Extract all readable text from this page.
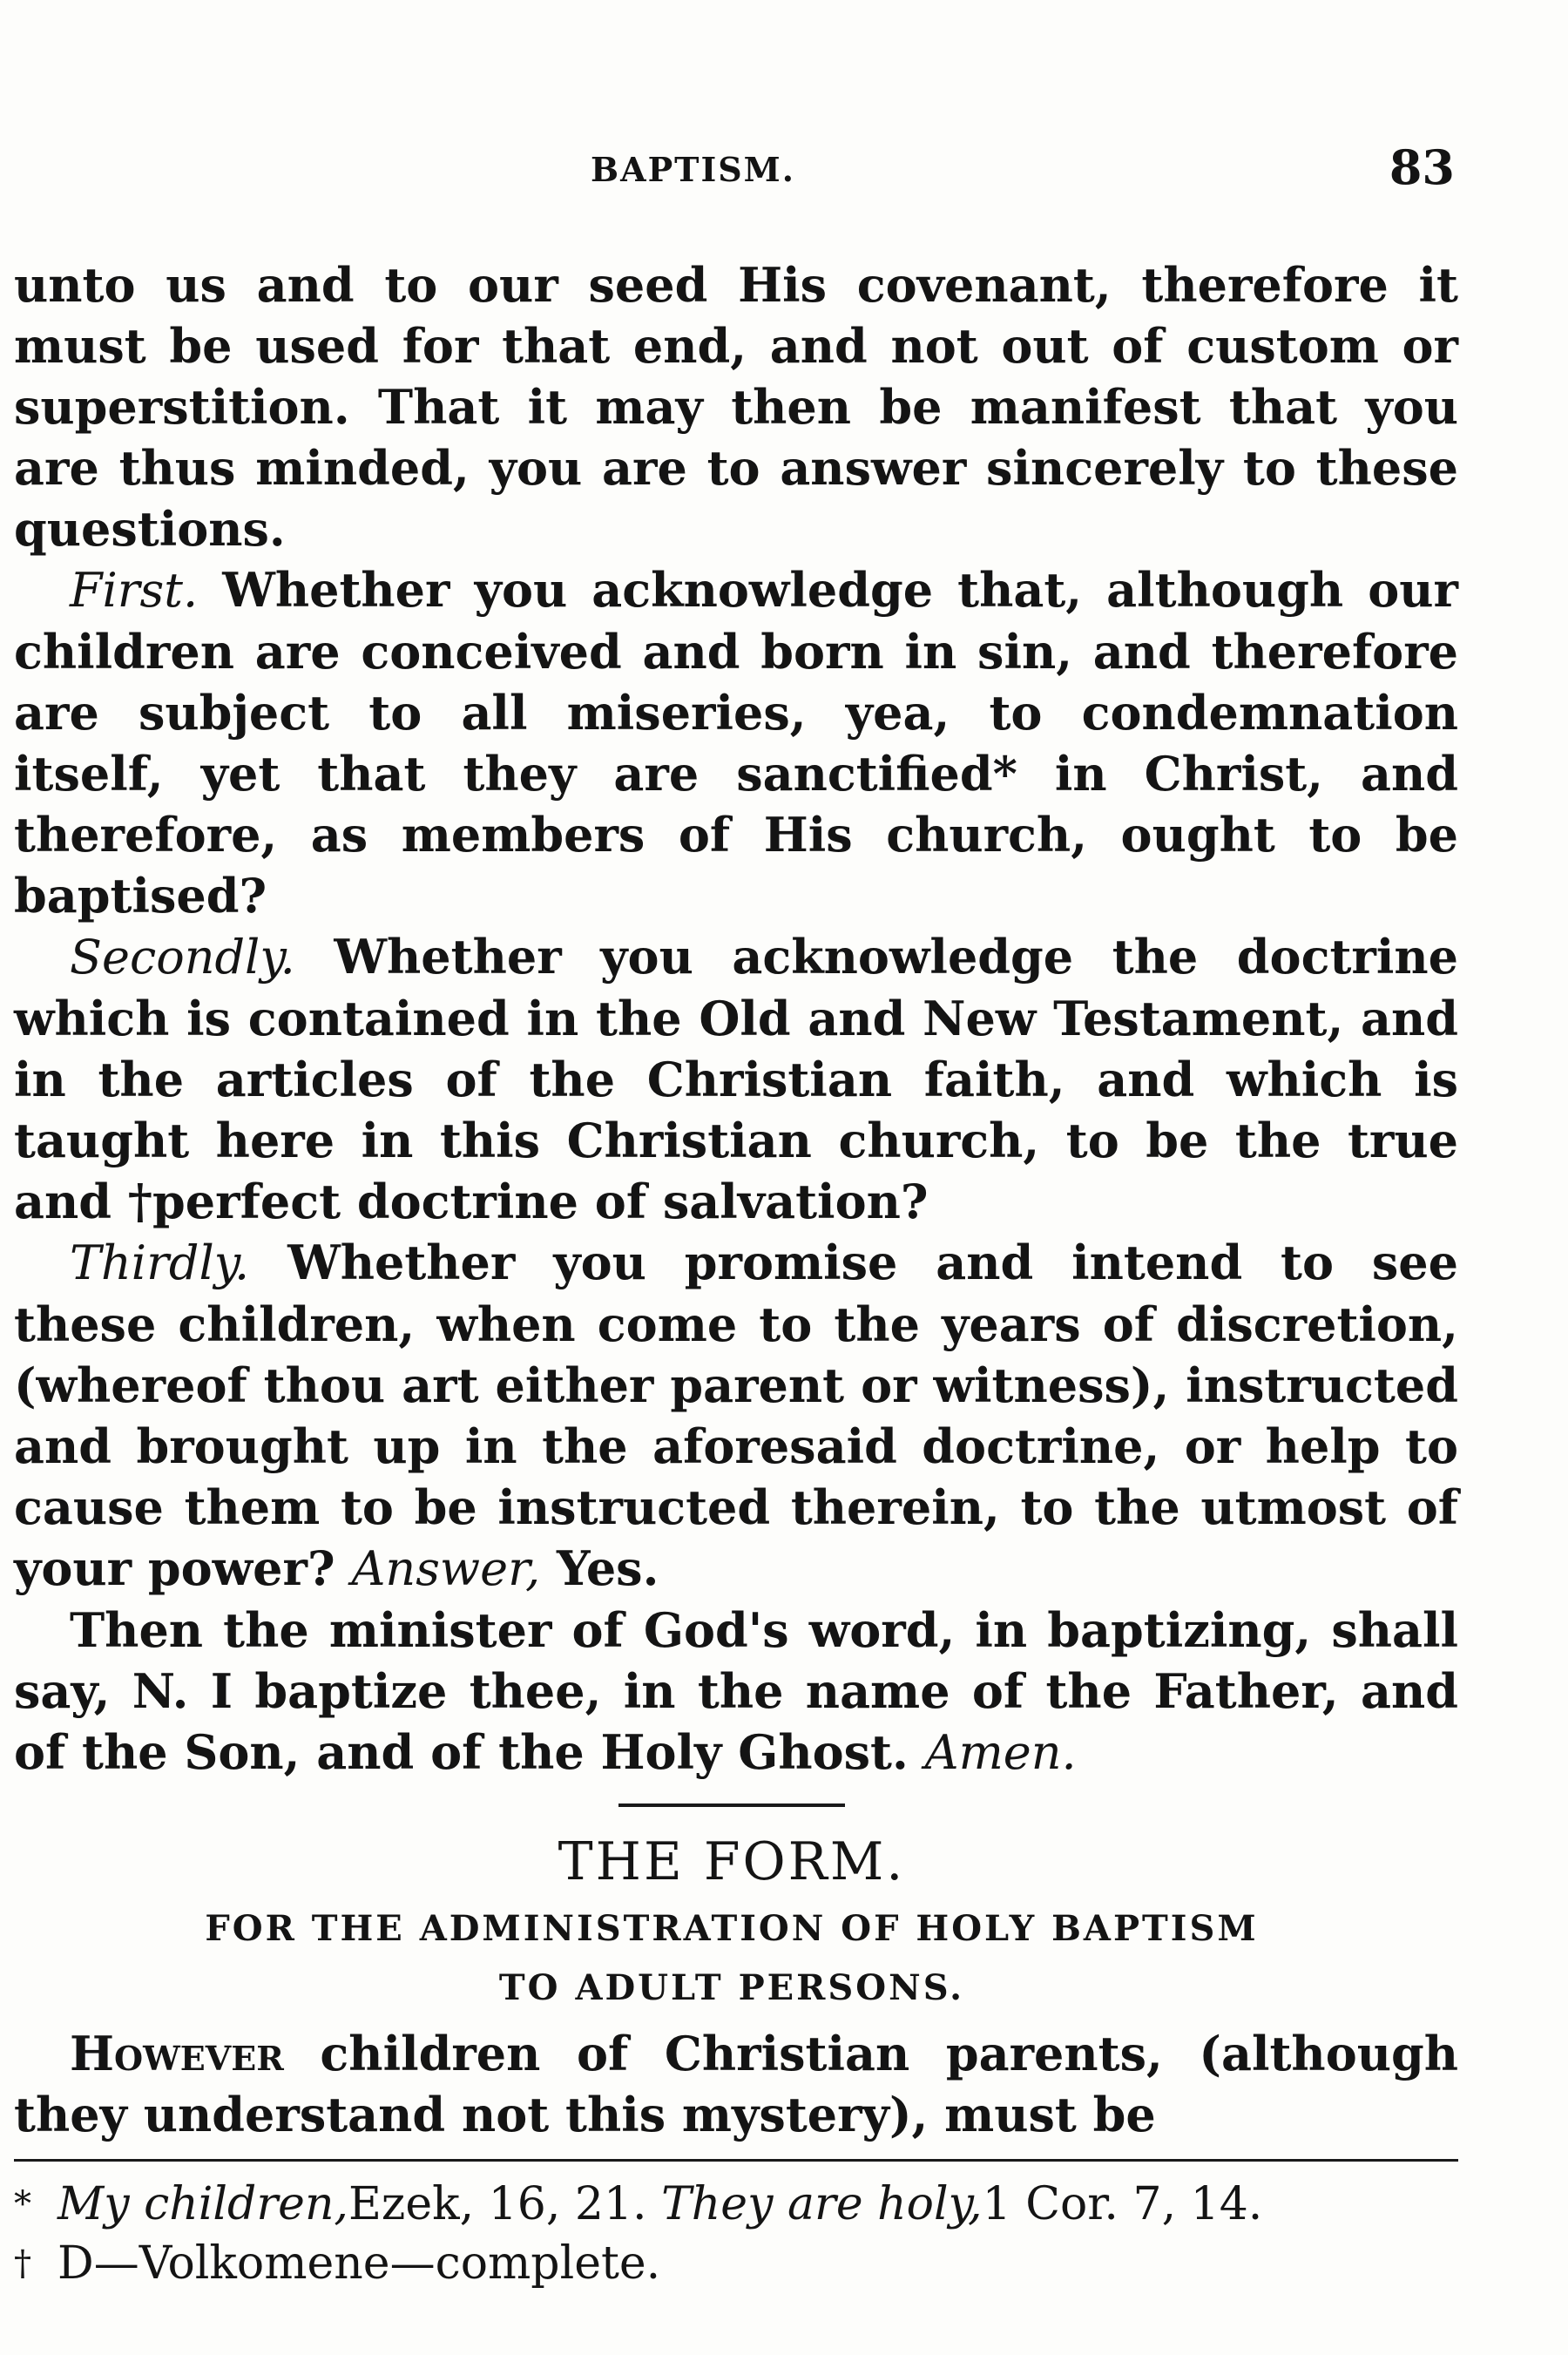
BAPTISM.	83

unto us and to our seed His covenant, therefore it must be used for that end, and not out of custom or superstition. That it may then be manifest that you are thus minded, you are to answer sincerely to these questions.

First. Whether you acknowledge that, although our children are conceived and born in sin, and therefore are subject to all miseries, yea, to condemnation itself, yet that they are sanctified* in Christ, and therefore, as members of His church, ought to be baptised?

Secondly. Whether you acknowledge the doctrine which is contained in the Old and New Testament, and in the articles of the Christian faith, and which is taught here in this Christian church, to be the true and †perfect doctrine of salvation?

Thirdly. Whether you promise and intend to see these children, when come to the years of discretion, (whereof thou art either parent or witness), instructed and brought up in the aforesaid doctrine, or help to cause them to be instructed therein, to the utmost of your power? Answer, Yes.

Then the minister of God's word, in baptizing, shall say, N. I baptize thee, in the name of the Father, and of the Son, and of the Holy Ghost. Amen.

THE FORM.
FOR THE ADMINISTRATION OF HOLY BAPTISM
TO ADULT PERSONS.

However children of Christian parents, (although they understand not this mystery), must be

* My children,Ezek, 16, 21. They are holy,1 Cor. 7, 14.

† D—Volkomene—complete.
